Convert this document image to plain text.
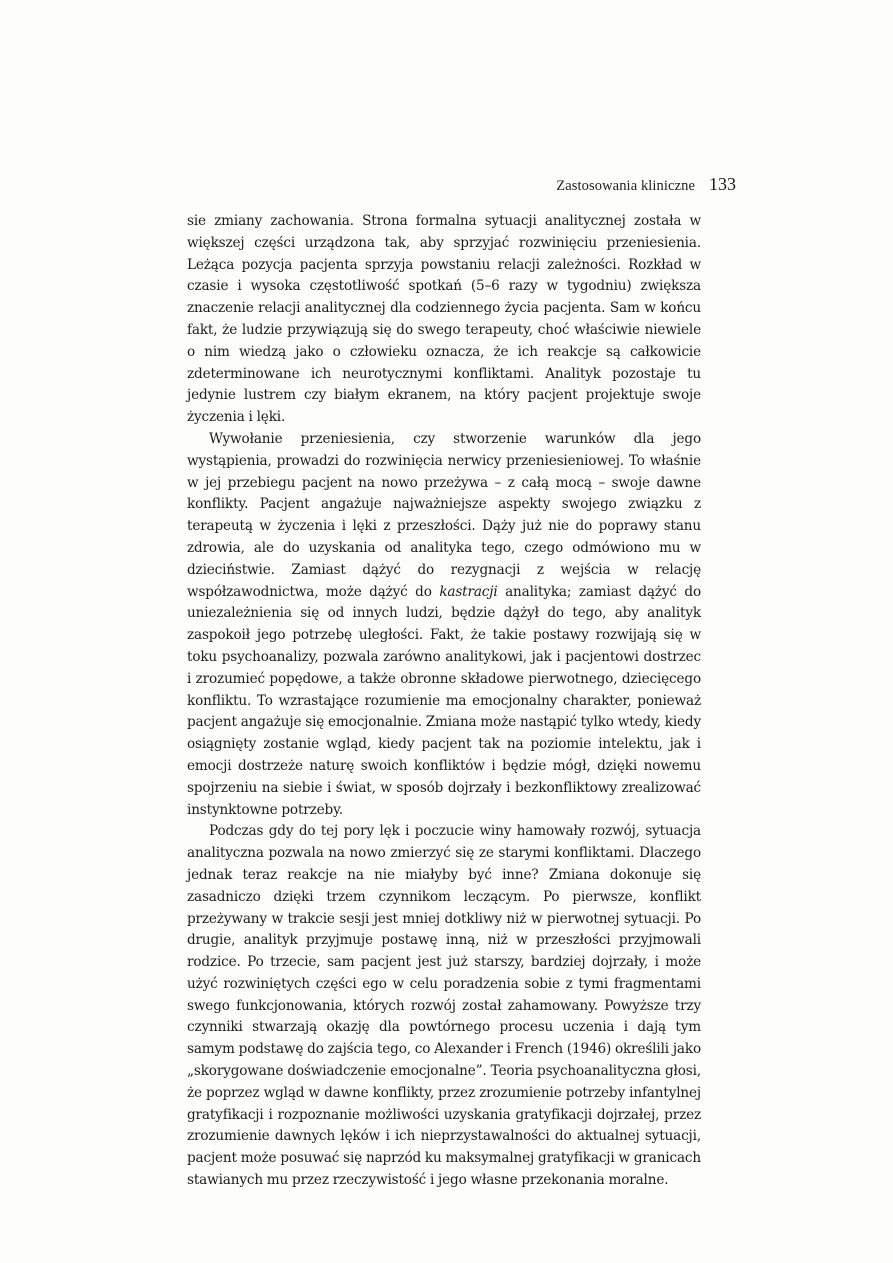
Zastosowania kliniczne 133

sie zmiany zachowania. Strona formalna sytuacji analitycznej została w większej części urządzona tak, aby sprzyjać rozwinięciu przeniesienia. Leżąca pozycja pacjenta sprzyja powstaniu relacji zależności. Rozkład w czasie i wysoka częstotliwość spotkań (5–6 razy w tygodniu) zwiększa znaczenie relacji analitycznej dla codziennego życia pacjenta. Sam w końcu fakt, że ludzie przywiązują się do swego terapeuty, choć właściwie niewiele o nim wiedzą jako o człowieku oznacza, że ich reakcje są całkowicie zdeterminowane ich neurotycznymi konfliktami. Analityk pozostaje tu jedynie lustrem czy białym ekranem, na który pacjent projektuje swoje życzenia i lęki.

Wywołanie przeniesienia, czy stworzenie warunków dla jego wystąpienia, prowadzi do rozwinięcia nerwicy przeniesieniowej. To właśnie w jej przebiegu pacjent na nowo przeżywa – z całą mocą – swoje dawne konflikty. Pacjent angażuje najważniejsze aspekty swojego związku z terapeutą w życzenia i lęki z przeszłości. Dąży już nie do poprawy stanu zdrowia, ale do uzyskania od analityka tego, czego odmówiono mu w dzieciństwie. Zamiast dążyć do rezygnacji z wejścia w relację współzawodnictwa, może dążyć do kastracji analityka; zamiast dążyć do uniezależnienia się od innych ludzi, będzie dążył do tego, aby analityk zaspokoił jego potrzebę uległości. Fakt, że takie postawy rozwijają się w toku psychoanalizy, pozwala zarówno analitykowi, jak i pacjentowi dostrzec i zrozumieć popędowe, a także obronne składowe pierwotnego, dziecięcego konfliktu. To wzrastające rozumienie ma emocjonalny charakter, ponieważ pacjent angażuje się emocjonalnie. Zmiana może nastąpić tylko wtedy, kiedy osiągnięty zostanie wgląd, kiedy pacjent tak na poziomie intelektu, jak i emocji dostrzeże naturę swoich konfliktów i będzie mógł, dzięki nowemu spojrzeniu na siebie i świat, w sposób dojrzały i bezkonfliktowy zrealizować instynktowne potrzeby.

Podczas gdy do tej pory lęk i poczucie winy hamowały rozwój, sytuacja analityczna pozwala na nowo zmierzyć się ze starymi konfliktami. Dlaczego jednak teraz reakcje na nie miałyby być inne? Zmiana dokonuje się zasadniczo dzięki trzem czynnikom leczącym. Po pierwsze, konflikt przeżywany w trakcie sesji jest mniej dotkliwy niż w pierwotnej sytuacji. Po drugie, analityk przyjmuje postawę inną, niż w przeszłości przyjmowali rodzice. Po trzecie, sam pacjent jest już starszy, bardziej dojrzały, i może użyć rozwiniętych części ego w celu poradzenia sobie z tymi fragmentami swego funkcjonowania, których rozwój został zahamowany. Powyższe trzy czynniki stwarzają okazję dla powtórnego procesu uczenia i dają tym samym podstawę do zajścia tego, co Alexander i French (1946) określili jako „skorygowane doświadczenie emocjonalne”. Teoria psychoanalityczna głosi, że poprzez wgląd w dawne konflikty, przez zrozumienie potrzeby infantylnej gratyfikacji i rozpoznanie możliwości uzyskania gratyfikacji dojrzałej, przez zrozumienie dawnych lęków i ich nieprzystawalności do aktualnej sytuacji, pacjent może posuwać się naprzód ku maksymalnej gratyfikacji w granicach stawianych mu przez rzeczywistość i jego własne przekonania moralne.
